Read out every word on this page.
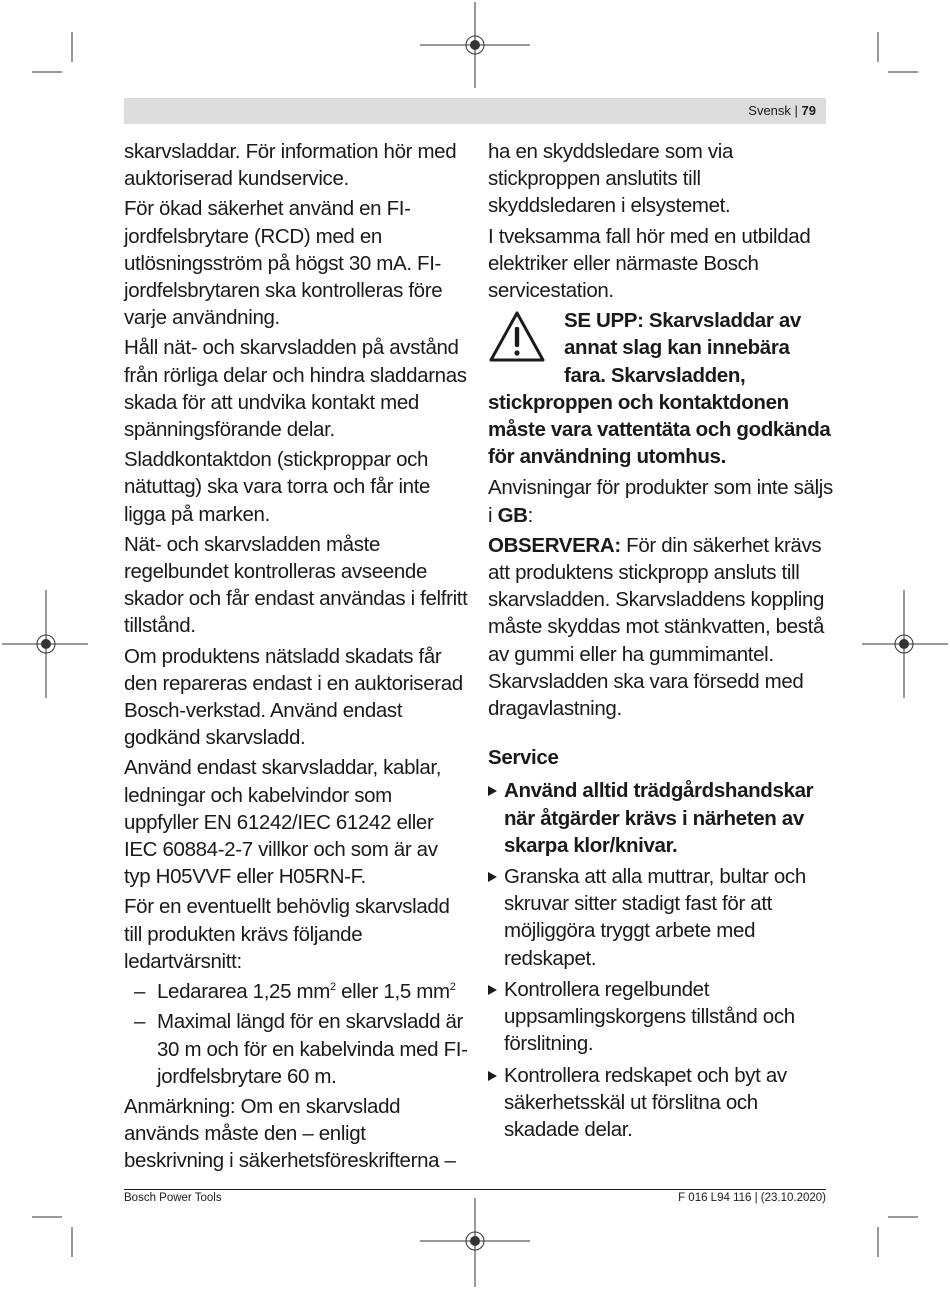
Svensk | 79

skarvsladdar. För information hör med auktoriserad kundservice.

För ökad säkerhet använd en FI-jordfelsbrytare (RCD) med en utlösningsström på högst 30 mA. FI-jordfelsbrytaren ska kontrolleras före varje användning.

Håll nät- och skarvsladden på avstånd från rörliga delar och hindra sladdarnas skada för att undvika kontakt med spänningsförande delar.

Sladdkontaktdon (stickproppar och nätuttag) ska vara torra och får inte ligga på marken.

Nät- och skarvsladden måste regelbundet kontrolleras avseende skador och får endast användas i felfritt tillstånd.

Om produktens nätsladd skadats får den repareras endast i en auktoriserad Bosch-verkstad. Använd endast godkänd skarvsladd.

Använd endast skarvsladdar, kablar, ledningar och kabelvindor som uppfyller EN 61242/IEC 61242 eller IEC 60884-2-7 villkor och som är av typ H05VVF eller H05RN-F.

För en eventuellt behövlig skarvsladd till produkten krävs följande ledartvärsnitt:

– Ledararea 1,25 $mm^2$ eller 1,5 $mm^2$
– Maximal längd för en skarvsladd är 30 m och för en kabelvinda med FI-jordfelsbrytare 60 m.

Anmärkning: Om en skarvsladd används måste den – enligt beskrivning i säkerhetsföreskrifterna –

ha en skyddsledare som via stickproppen anslutits till skyddsledaren i elsystemet.

I tveksamma fall hör med en utbildad elektriker eller närmaste Bosch servicestation.

SE UPP: Skarvsladdar av annat slag kan innebära fara. Skarvsladden,
stickproppen och kontaktdonen måste vara vattentäta och godkända för användning utomhus.

Anvisningar för produkter som inte säljs i GB:

OBSERVERA: För din säkerhet krävs att produktens stickpropp ansluts till skarvsladden. Skarvsladdens koppling måste skyddas mot stänkvatten, bestå av gummi eller ha gummimantel. Skarvsladden ska vara försedd med dragavlastning.

Service

Använd alltid trädgårdshandskar när åtgärder krävs i närheten av skarpa klor/knivar.
Granska att alla muttrar, bultar och skruvar sitter stadigt fast för att möjliggöra tryggt arbete med redskapet.
Kontrollera regelbundet uppsamlingskorgens tillstånd och förslitning.
Kontrollera redskapet och byt av säkerhetsskäl ut förslitna och skadade delar.
Bosch Power Tools	F 016 L94 116 | (23.10.2020)
